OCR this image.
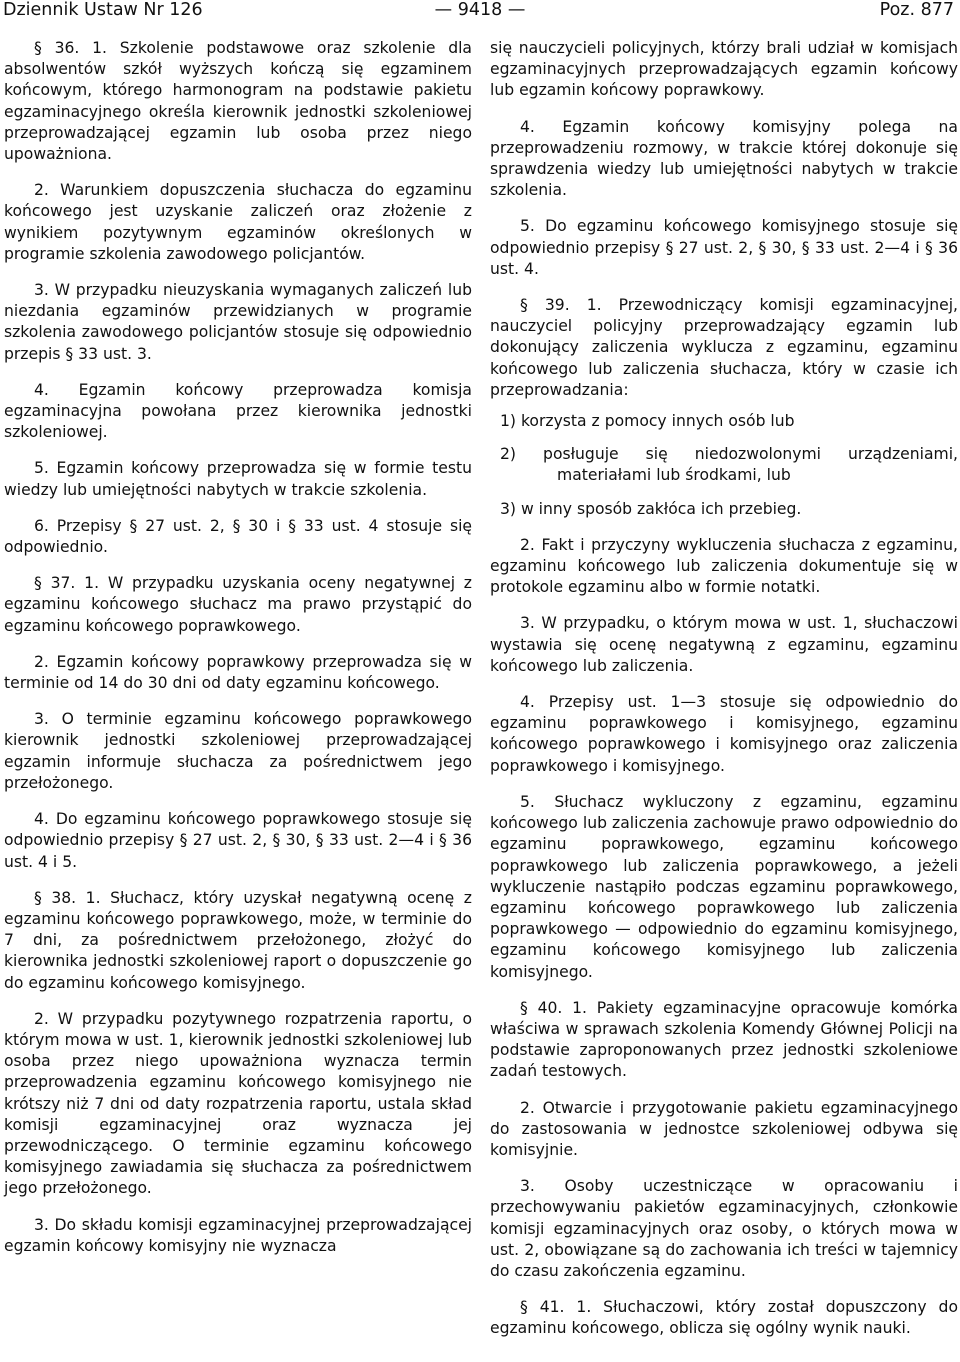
Dziennik Ustaw Nr 126	— 9418 —	Poz. 877

§ 36. 1. Szkolenie podstawowe oraz szkolenie dla absolwentów szkół wyższych kończą się egzaminem końcowym, którego harmonogram na podstawie pakietu egzaminacyjnego określa kierownik jednostki szkoleniowej przeprowadzającej egzamin lub osoba przez niego upoważniona.

2. Warunkiem dopuszczenia słuchacza do egzaminu końcowego jest uzyskanie zaliczeń oraz złożenie z wynikiem pozytywnym egzaminów określonych w programie szkolenia zawodowego policjantów.

3. W przypadku nieuzyskania wymaganych zaliczeń lub niezdania egzaminów przewidzianych w programie szkolenia zawodowego policjantów stosuje się odpowiednio przepis § 33 ust. 3.

4. Egzamin końcowy przeprowadza komisja egzaminacyjna powołana przez kierownika jednostki szkoleniowej.

5. Egzamin końcowy przeprowadza się w formie testu wiedzy lub umiejętności nabytych w trakcie szkolenia.

6. Przepisy § 27 ust. 2, § 30 i § 33 ust. 4 stosuje się odpowiednio.

§ 37. 1. W przypadku uzyskania oceny negatywnej z egzaminu końcowego słuchacz ma prawo przystąpić do egzaminu końcowego poprawkowego.

2. Egzamin końcowy poprawkowy przeprowadza się w terminie od 14 do 30 dni od daty egzaminu końcowego.

3. O terminie egzaminu końcowego poprawkowego kierownik jednostki szkoleniowej przeprowadzającej egzamin informuje słuchacza za pośrednictwem jego przełożonego.

4. Do egzaminu końcowego poprawkowego stosuje się odpowiednio przepisy § 27 ust. 2, § 30, § 33 ust. 2—4 i § 36 ust. 4 i 5.

§ 38. 1. Słuchacz, który uzyskał negatywną ocenę z egzaminu końcowego poprawkowego, może, w terminie do 7 dni, za pośrednictwem przełożonego, złożyć do kierownika jednostki szkoleniowej raport o dopuszczenie go do egzaminu końcowego komisyjnego.

2. W przypadku pozytywnego rozpatrzenia raportu, o którym mowa w ust. 1, kierownik jednostki szkoleniowej lub osoba przez niego upoważniona wyznacza termin przeprowadzenia egzaminu końcowego komisyjnego nie krótszy niż 7 dni od daty rozpatrzenia raportu, ustala skład komisji egzaminacyjnej oraz wyznacza jej przewodniczącego. O terminie egzaminu końcowego komisyjnego zawiadamia się słuchacza za pośrednictwem jego przełożonego.

3. Do składu komisji egzaminacyjnej przeprowadzającej egzamin końcowy komisyjny nie wyznacza

się nauczycieli policyjnych, którzy brali udział w komisjach egzaminacyjnych przeprowadzających egzamin końcowy lub egzamin końcowy poprawkowy.

4. Egzamin końcowy komisyjny polega na przeprowadzeniu rozmowy, w trakcie której dokonuje się sprawdzenia wiedzy lub umiejętności nabytych w trakcie szkolenia.

5. Do egzaminu końcowego komisyjnego stosuje się odpowiednio przepisy § 27 ust. 2, § 30, § 33 ust. 2—4 i § 36 ust. 4.

§ 39. 1. Przewodniczący komisji egzaminacyjnej, nauczyciel policyjny przeprowadzający egzamin lub dokonujący zaliczenia wyklucza z egzaminu, egzaminu końcowego lub zaliczenia słuchacza, który w czasie ich przeprowadzania:

1) korzysta z pomocy innych osób lub

2) posługuje się niedozwolonymi urządzeniami, materiałami lub środkami, lub

3) w inny sposób zakłóca ich przebieg.

2. Fakt i przyczyny wykluczenia słuchacza z egzaminu, egzaminu końcowego lub zaliczenia dokumentuje się w protokole egzaminu albo w formie notatki.

3. W przypadku, o którym mowa w ust. 1, słuchaczowi wystawia się ocenę negatywną z egzaminu, egzaminu końcowego lub zaliczenia.

4. Przepisy ust. 1—3 stosuje się odpowiednio do egzaminu poprawkowego i komisyjnego, egzaminu końcowego poprawkowego i komisyjnego oraz zaliczenia poprawkowego i komisyjnego.

5. Słuchacz wykluczony z egzaminu, egzaminu końcowego lub zaliczenia zachowuje prawo odpowiednio do egzaminu poprawkowego, egzaminu końcowego poprawkowego lub zaliczenia poprawkowego, a jeżeli wykluczenie nastąpiło podczas egzaminu poprawkowego, egzaminu końcowego poprawkowego lub zaliczenia poprawkowego — odpowiednio do egzaminu komisyjnego, egzaminu końcowego komisyjnego lub zaliczenia komisyjnego.

§ 40. 1. Pakiety egzaminacyjne opracowuje komórka właściwa w sprawach szkolenia Komendy Głównej Policji na podstawie zaproponowanych przez jednostki szkoleniowe zadań testowych.

2. Otwarcie i przygotowanie pakietu egzaminacyjnego do zastosowania w jednostce szkoleniowej odbywa się komisyjnie.

3. Osoby uczestniczące w opracowaniu i przechowywaniu pakietów egzaminacyjnych, członkowie komisji egzaminacyjnych oraz osoby, o których mowa w ust. 2, obowiązane są do zachowania ich treści w tajemnicy do czasu zakończenia egzaminu.

§ 41. 1. Słuchaczowi, który został dopuszczony do egzaminu końcowego, oblicza się ogólny wynik nauki.
